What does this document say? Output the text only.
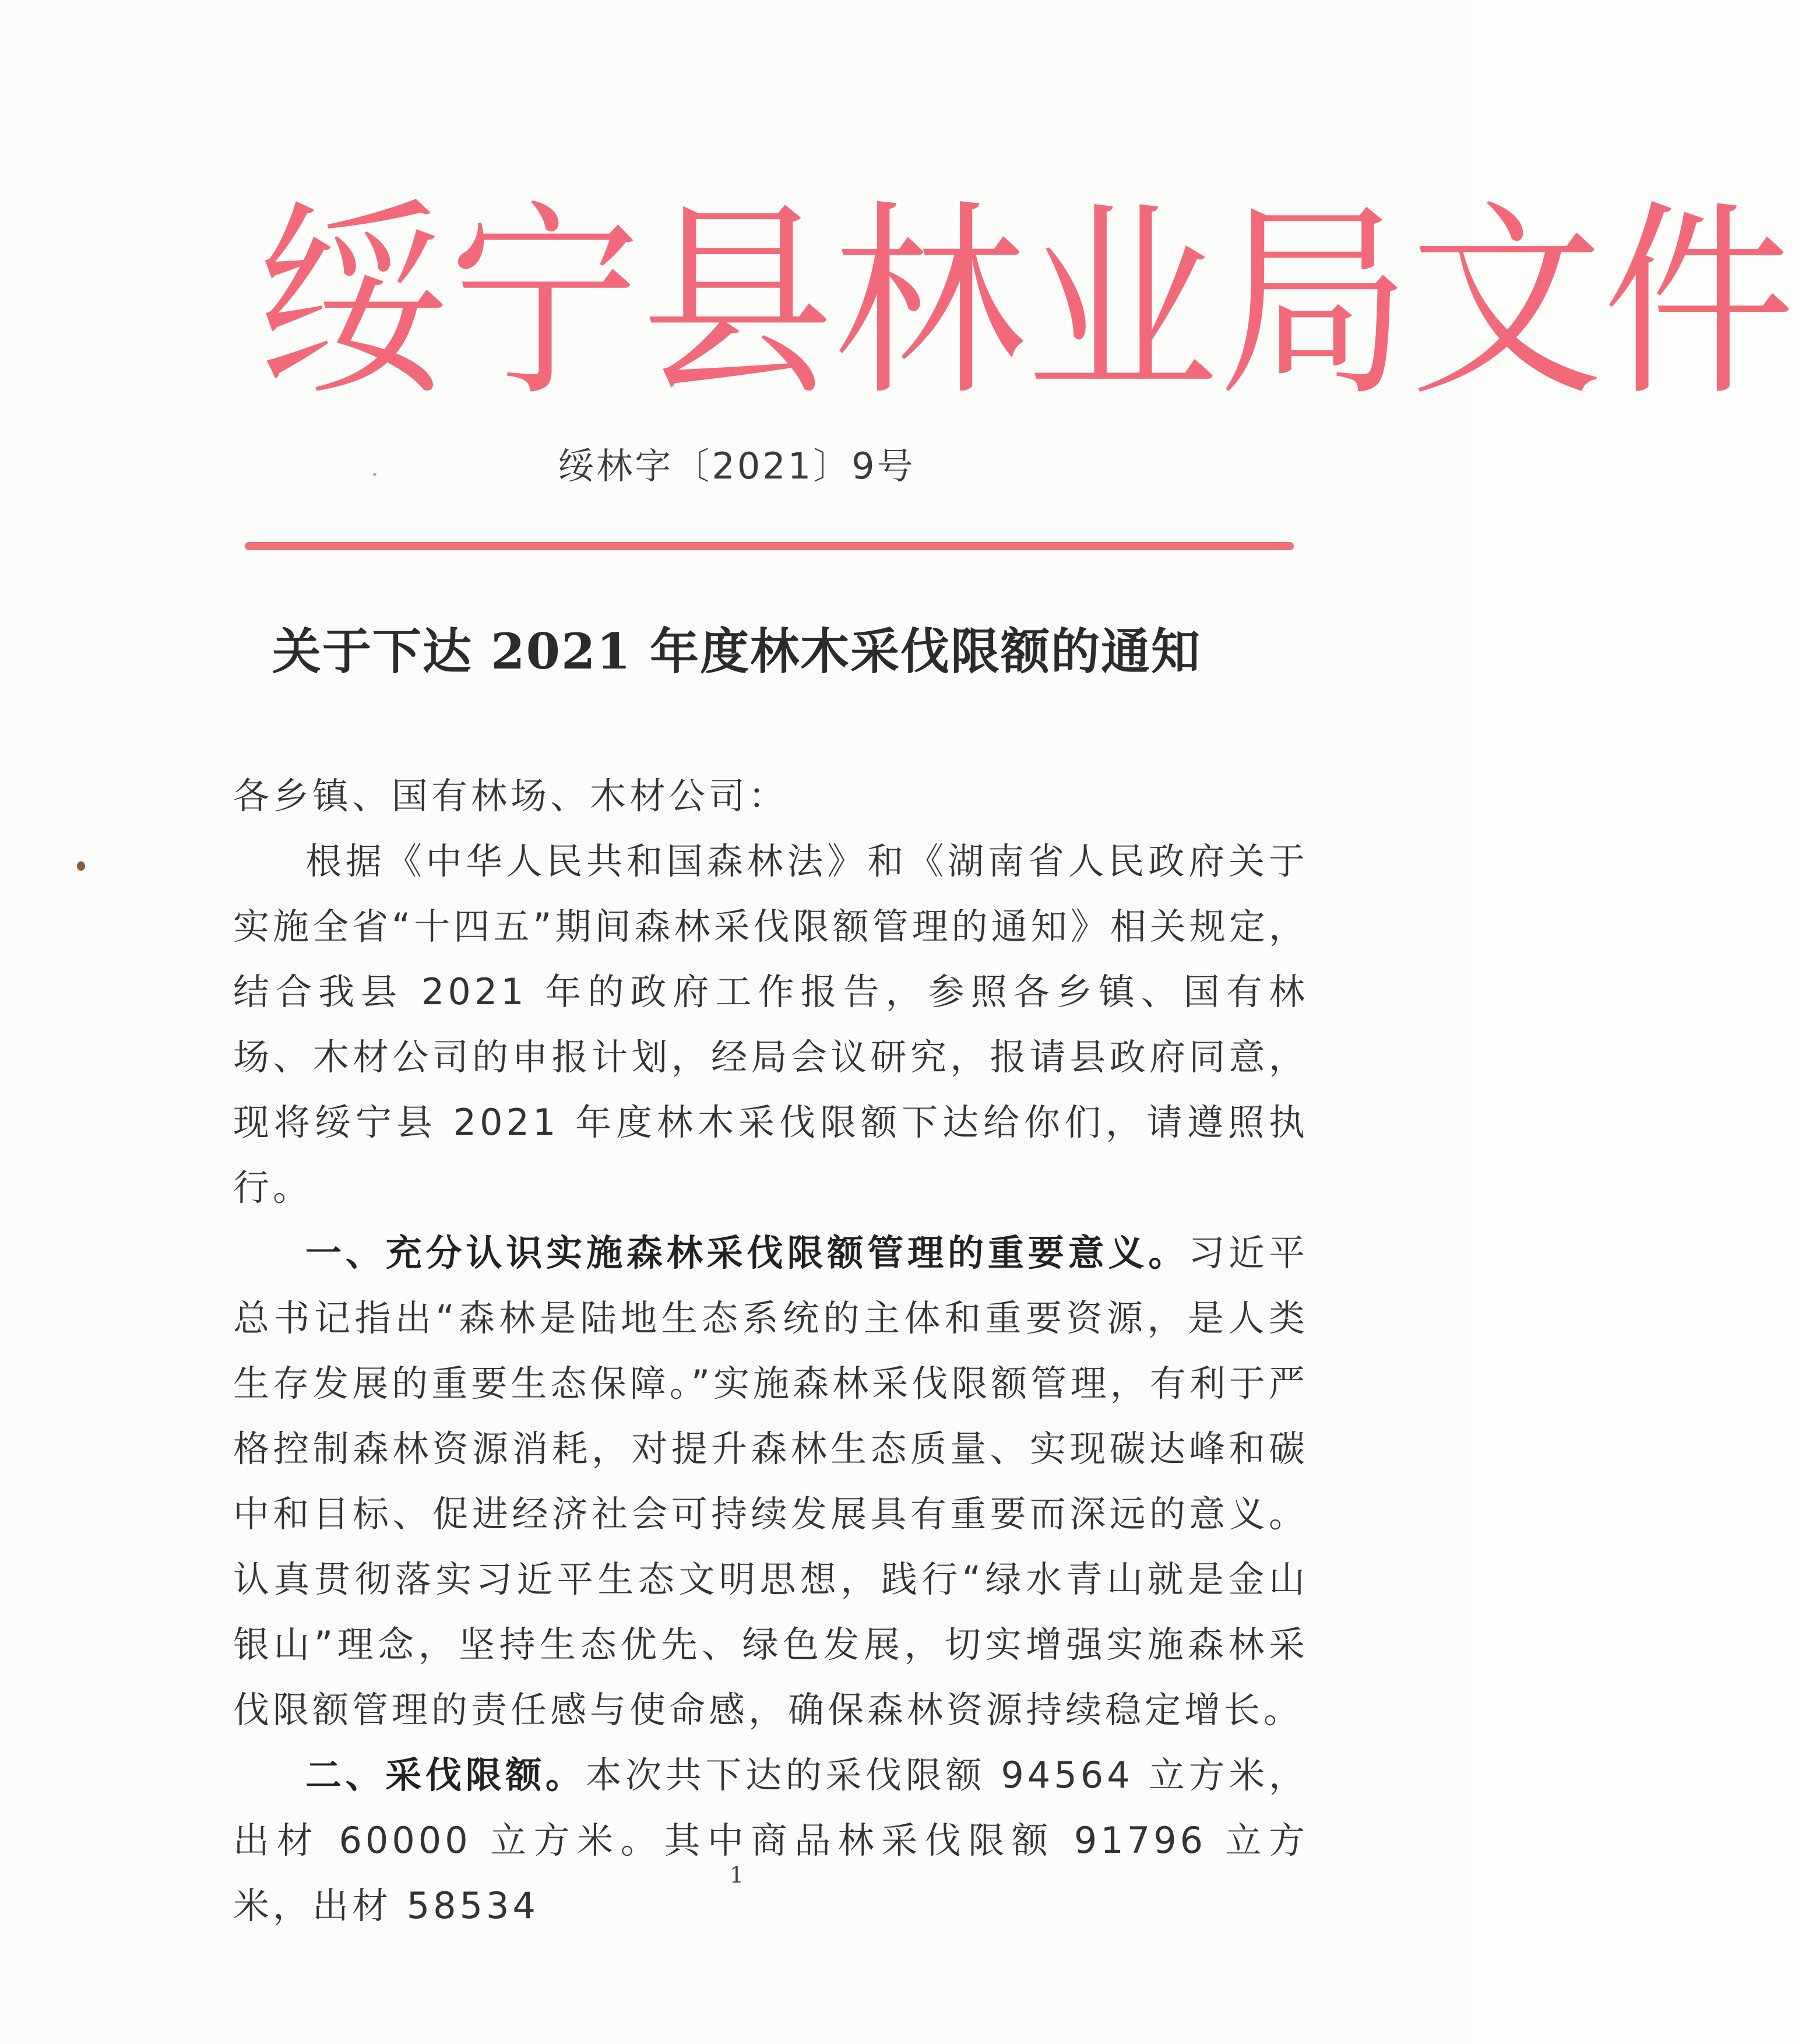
绥 宁 县 林 业 局 文 件
绥林字〔2021〕9号
关于下达 2021 年度林木采伐限额的通知

各乡镇、国有林场、木材公司：

根据《中华人民共和国森林法》和《湖南省人民政府关于实施全省“十四五”期间森林采伐限额管理的通知》相关规定，结合我县 2021 年的政府工作报告，参照各乡镇、国有林场、木材公司的申报计划，经局会议研究，报请县政府同意，现将绥宁县 2021 年度林木采伐限额下达给你们，请遵照执行。

一、充分认识实施森林采伐限额管理的重要意义。习近平总书记指出“森林是陆地生态系统的主体和重要资源，是人类生存发展的重要生态保障。”实施森林采伐限额管理，有利于严格控制森林资源消耗，对提升森林生态质量、实现碳达峰和碳中和目标、促进经济社会可持续发展具有重要而深远的意义。认真贯彻落实习近平生态文明思想，践行“绿水青山就是金山银山”理念，坚持生态优先、绿色发展，切实增强实施森林采伐限额管理的责任感与使命感，确保森林资源持续稳定增长。

二、采伐限额。本次共下达的采伐限额 94564 立方米，出材 60000 立方米。其中商品林采伐限额 91796 立方米，出材 58534

1
